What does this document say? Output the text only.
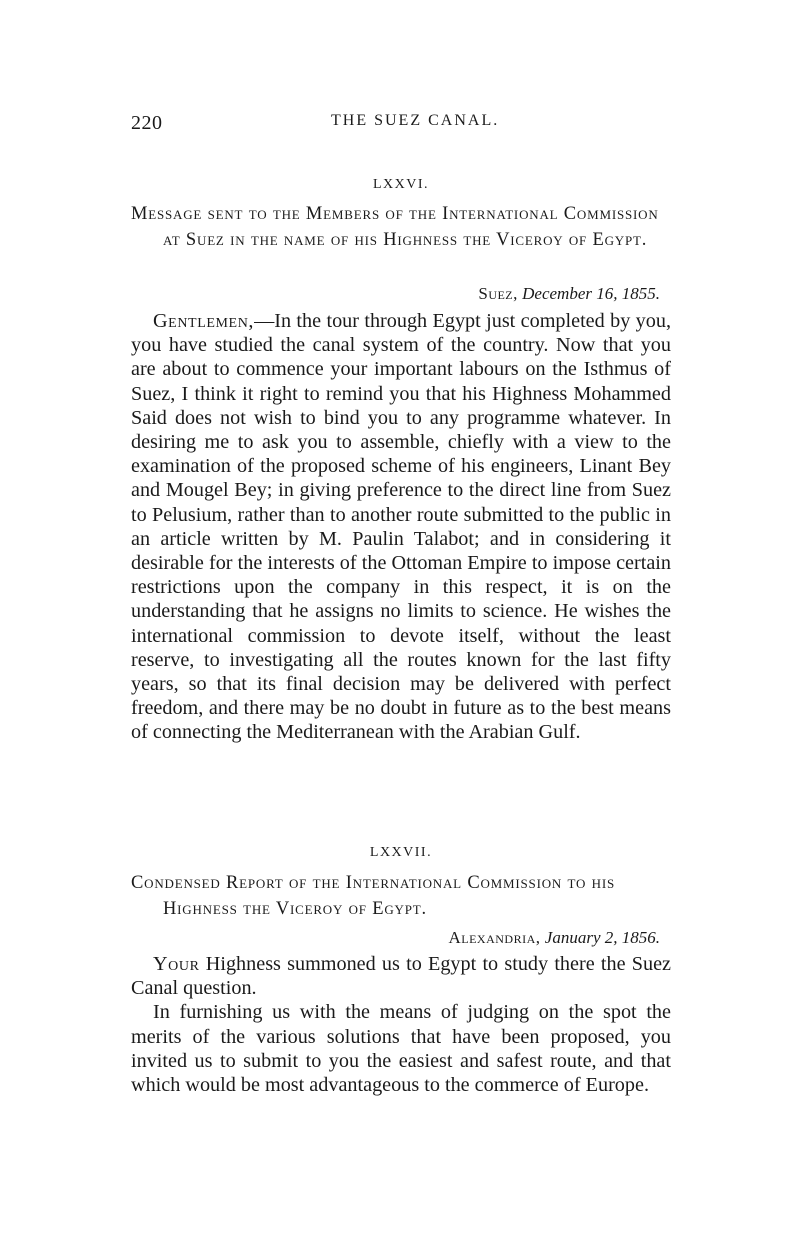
220	THE SUEZ CANAL.
LXXVI.
Message sent to the Members of the International Commission at Suez in the name of his Highness the Viceroy of Egypt.
Suez, December 16, 1855.

Gentlemen,—In the tour through Egypt just completed by you, you have studied the canal system of the country. Now that you are about to commence your important labours on the Isthmus of Suez, I think it right to remind you that his Highness Mohammed Said does not wish to bind you to any programme whatever. In desiring me to ask you to assemble, chiefly with a view to the examination of the proposed scheme of his engineers, Linant Bey and Mougel Bey; in giving preference to the direct line from Suez to Pelusium, rather than to another route submitted to the public in an article written by M. Paulin Talabot; and in considering it desirable for the interests of the Ottoman Empire to impose certain restrictions upon the company in this respect, it is on the understanding that he assigns no limits to science. He wishes the international commission to devote itself, without the least reserve, to investigating all the routes known for the last fifty years, so that its final decision may be delivered with perfect freedom, and there may be no doubt in future as to the best means of connecting the Mediterranean with the Arabian Gulf.

LXXVII.
Condensed Report of the International Commission to his Highness the Viceroy of Egypt.
Alexandria, January 2, 1856.

Your Highness summoned us to Egypt to study there the Suez Canal question.

In furnishing us with the means of judging on the spot the merits of the various solutions that have been proposed, you invited us to submit to you the easiest and safest route, and that which would be most advantageous to the commerce of Europe.
